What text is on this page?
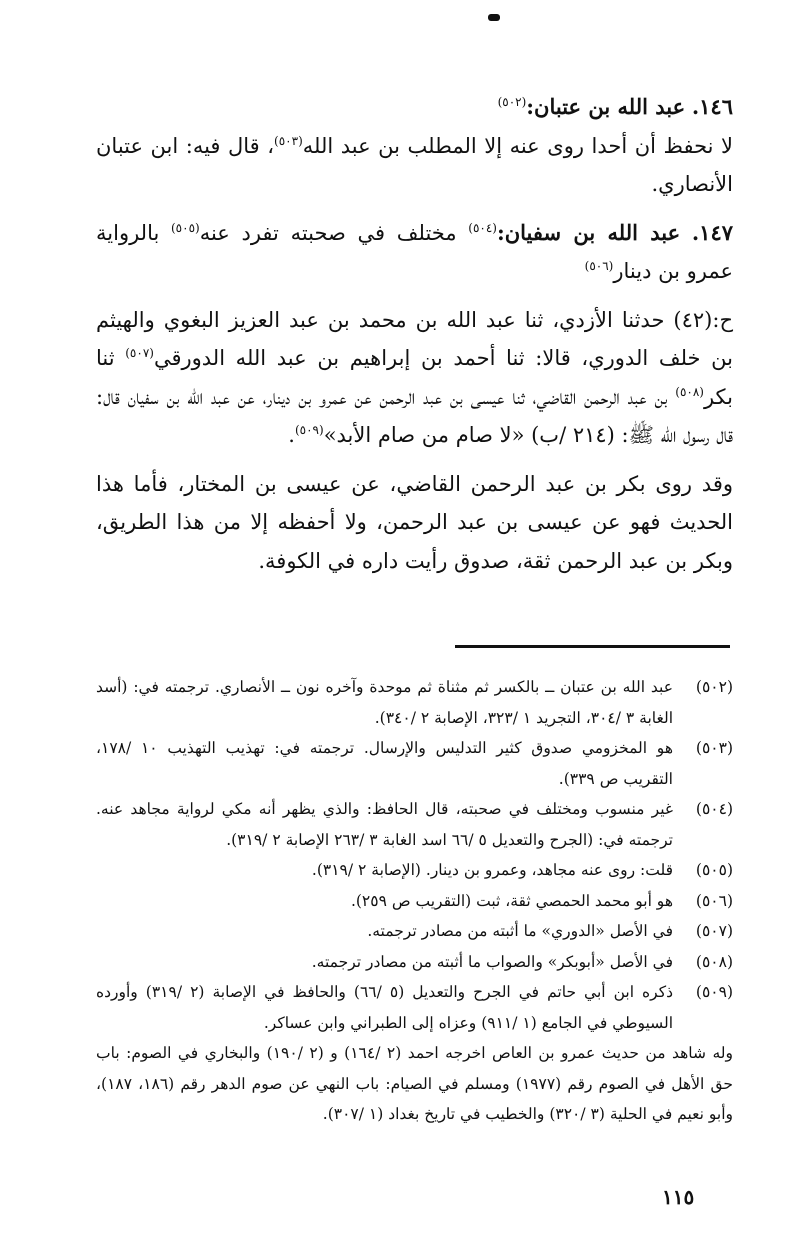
١٤٦. عبد الله بن عتبان:$^{(٥٠٢)}$
لا نحفظ أن أحدا روى عنه إلا المطلب بن عبد الله$^{(٥٠٣)}$، قال فيه: ابن عتبان الأنصاري.

١٤٧. عبد الله بن سفيان:$^{(٥٠٤)}$ مختلف في صحبته تفرد عنه$^{(٥٠٥)}$ بالرواية عمرو بن دينار$^{(٥٠٦)}$

ح:(٤٢) حدثنا الأزدي، ثنا عبد الله بن محمد بن عبد العزيز البغوي والهيثم بن خلف الدوري، قالا: ثنا أحمد بن إبراهيم بن عبد الله الدورقي$^{(٥٠٧)}$ ثنا بكر$^{(٥٠٨)}$ بن عبد الرحمن القاضي، ثنا عيسى بن عبد الرحمن عن عمرو بن دينار، عن عبد الله بن سفيان قال: قال رسول الله ﷺ: (٢١٤ /ب) «لا صام من صام الأبد»$^{(٥٠٩)}$.

وقد روى بكر بن عبد الرحمن القاضي، عن عيسى بن المختار، فأما هذا الحديث فهو عن عيسى بن عبد الرحمن، ولا أحفظه إلا من هذا الطريق، وبكر بن عبد الرحمن ثقة، صدوق رأيت داره في الكوفة.

(٥٠٢)
عبد الله بن عتبان ــ بالكسر ثم مثناة ثم موحدة وآخره نون ــ الأنصاري. ترجمته في: (أسد الغابة ٣ /٣٠٤، التجريد ١ /٣٢٣، الإصابة ٢ /٣٤٠).
(٥٠٣)
هو المخزومي صدوق كثير التدليس والإرسال. ترجمته في: تهذيب التهذيب ١٠ /١٧٨، التقريب ص ٣٣٩).
(٥٠٤)
غير منسوب ومختلف في صحبته، قال الحافظ: والذي يظهر أنه مكي لرواية مجاهد عنه. ترجمته في: (الجرح والتعديل ٥ /٦٦ اسد الغابة ٣ /٢٦٣ الإصابة ٢ /٣١٩).
(٥٠٥)
قلت: روى عنه مجاهد، وعمرو بن دينار. (الإصابة ٢ /٣١٩).
(٥٠٦)
هو أبو محمد الحمصي ثقة، ثبت (التقريب ص ٢٥٩).
(٥٠٧)
في الأصل «الدوري» ما أثبته من مصادر ترجمته.
(٥٠٨)
في الأصل «أبوبكر» والصواب ما أثبته من مصادر ترجمته.
(٥٠٩)
ذكره ابن أبي حاتم في الجرح والتعديل (٥ /٦٦) والحافظ في الإصابة (٢ /٣١٩) وأورده السيوطي في الجامع (١ /٩١١) وعزاه إلى الطبراني وابن عساكر.
وله شاهد من حديث عمرو بن العاص اخرجه احمد (٢ /١٦٤) و (٢ /١٩٠) والبخاري في الصوم: باب حق الأهل في الصوم رقم (١٩٧٧) ومسلم في الصيام: باب النهي عن صوم الدهر رقم (١٨٦، ١٨٧)، وأبو نعيم في الحلية (٣ /٣٢٠) والخطيب في تاريخ بغداد (١ /٣٠٧).
١١٥
